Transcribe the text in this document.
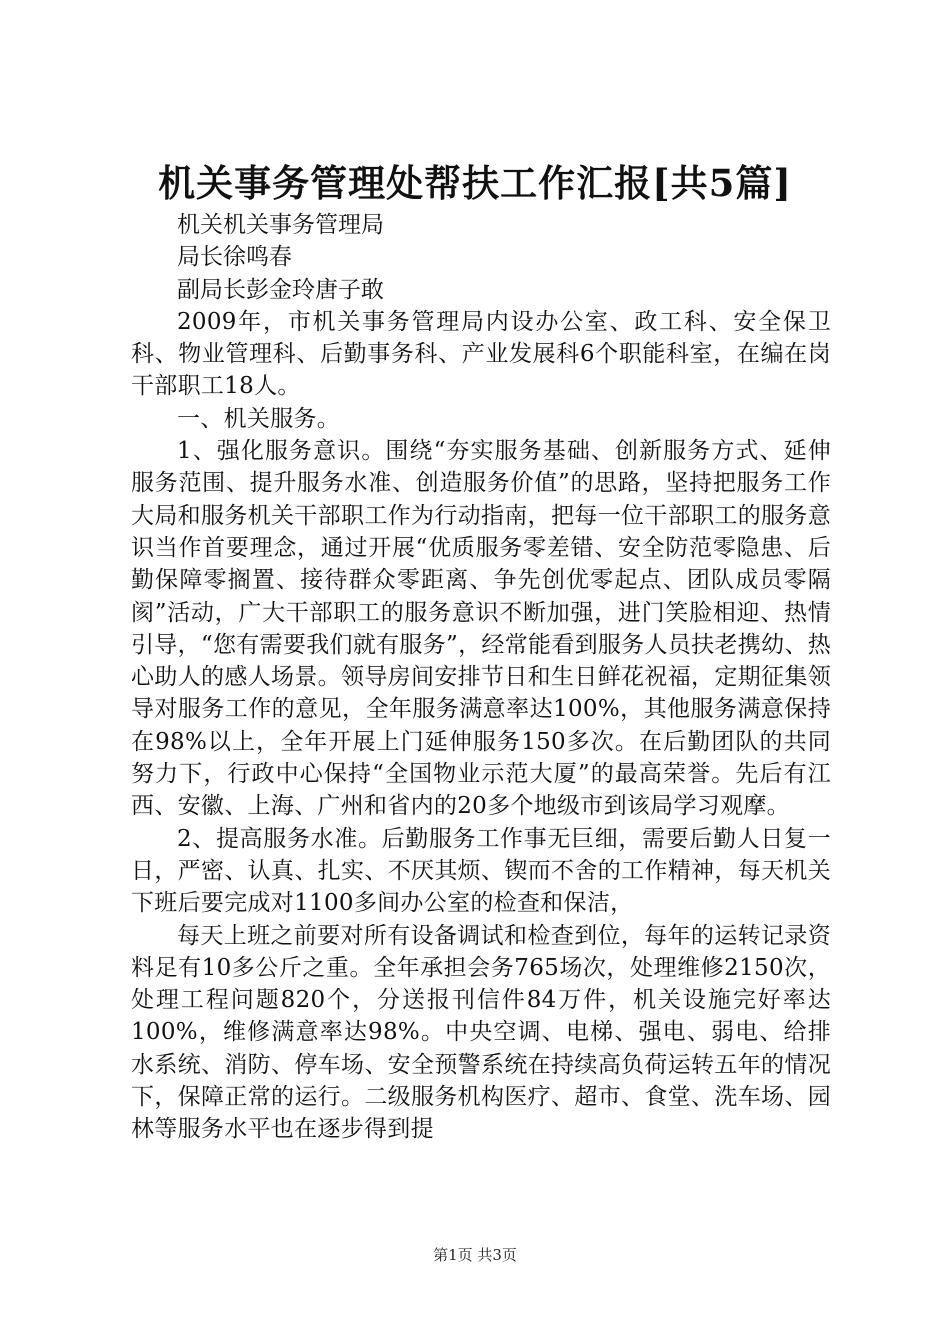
机关事务管理处帮扶工作汇报[共5篇]

机关机关事务管理局

局长徐鸣春

副局长彭金玲唐子敢

2009年，市机关事务管理局内设办公室、政工科、安全保卫科、物业管理科、后勤事务科、产业发展科6个职能科室，在编在岗干部职工18人。

一、机关服务。

1、强化服务意识。围绕“夯实服务基础、创新服务方式、延伸服务范围、提升服务水准、创造服务价值”的思路，坚持把服务工作大局和服务机关干部职工作为行动指南，把每一位干部职工的服务意识当作首要理念，通过开展“优质服务零差错、安全防范零隐患、后勤保障零搁置、接待群众零距离、争先创优零起点、团队成员零隔阂”活动，广大干部职工的服务意识不断加强，进门笑脸相迎、热情引导，“您有需要我们就有服务”，经常能看到服务人员扶老携幼、热心助人的感人场景。领导房间安排节日和生日鲜花祝福，定期征集领导对服务工作的意见，全年服务满意率达100%，其他服务满意保持在98%以上，全年开展上门延伸服务150多次。在后勤团队的共同努力下，行政中心保持“全国物业示范大厦”的最高荣誉。先后有江西、安徽、上海、广州和省内的20多个地级市到该局学习观摩。

2、提高服务水准。后勤服务工作事无巨细，需要后勤人日复一日，严密、认真、扎实、不厌其烦、锲而不舍的工作精神，每天机关下班后要完成对1100多间办公室的检查和保洁，

每天上班之前要对所有设备调试和检查到位，每年的运转记录资料足有10多公斤之重。全年承担会务765场次，处理维修2150次，处理工程问题820个，分送报刊信件84万件，机关设施完好率达100%，维修满意率达98%。中央空调、电梯、强电、弱电、给排水系统、消防、停车场、安全预警系统在持续高负荷运转五年的情况下，保障正常的运行。二级服务机构医疗、超市、食堂、洗车场、园林等服务水平也在逐步得到提

第1页 共3页
